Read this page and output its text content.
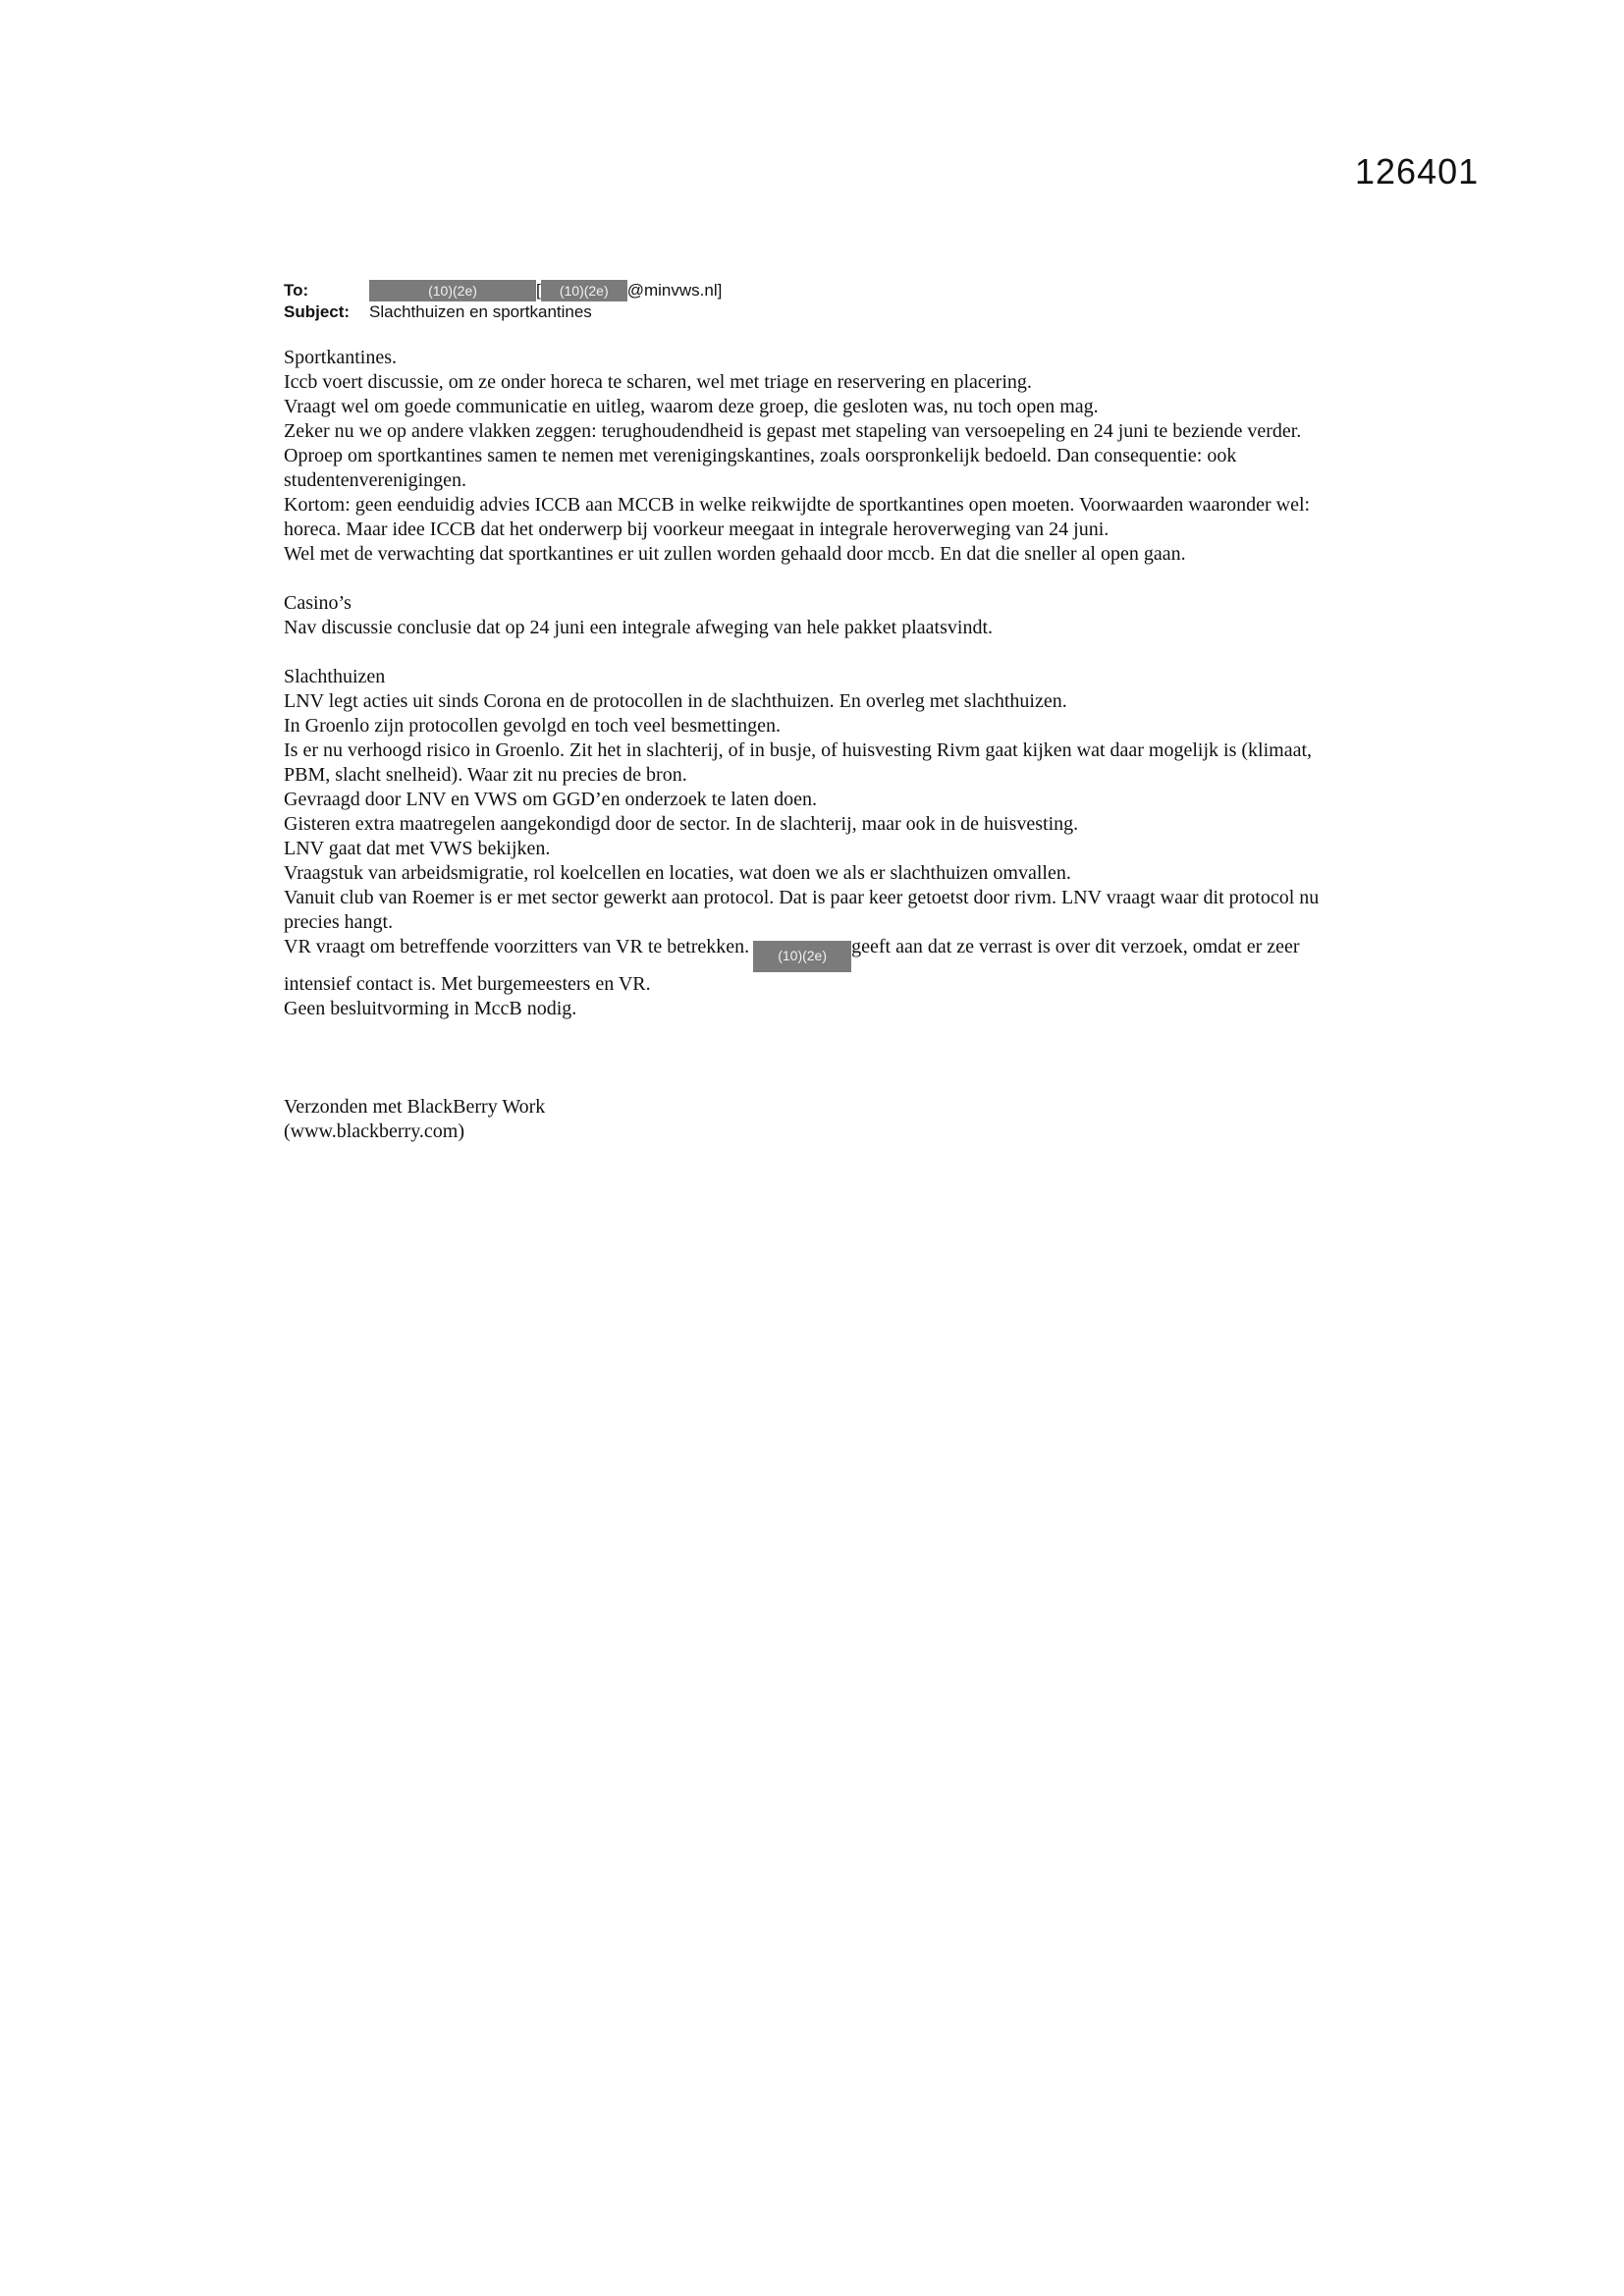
126401
To:	(10)(2e)	[	(10)(2e)	@minvws.nl]
Subject:	Slachthuizen en sportkantines

Sportkantines.

Iccb voert discussie, om ze onder horeca te scharen, wel met triage en reservering en placering.

Vraagt wel om goede communicatie en uitleg, waarom deze groep, die gesloten was, nu toch open mag.

Zeker nu we op andere vlakken zeggen: terughoudendheid is gepast met stapeling van versoepeling en 24 juni te beziende verder.

Oproep om sportkantines samen te nemen met verenigingskantines, zoals oorspronkelijk bedoeld. Dan consequentie: ook studentenverenigingen.

Kortom: geen eenduidig advies ICCB aan MCCB in welke reikwijdte de sportkantines open moeten. Voorwaarden waaronder wel: horeca. Maar idee ICCB dat het onderwerp bij voorkeur meegaat in integrale heroverweging van 24 juni.

Wel met de verwachting dat sportkantines er uit zullen worden gehaald door mccb. En dat die sneller al open gaan.

Casino’s

Nav discussie conclusie dat op 24 juni een integrale afweging van hele pakket plaatsvindt.

Slachthuizen

LNV legt acties uit sinds Corona en de protocollen in de slachthuizen. En overleg met slachthuizen.

In Groenlo zijn protocollen gevolgd en toch veel besmettingen.

Is er nu verhoogd risico in Groenlo. Zit het in slachterij, of in busje, of huisvesting Rivm gaat kijken wat daar mogelijk is (klimaat, PBM, slacht snelheid). Waar zit nu precies de bron.

Gevraagd door LNV en VWS om GGD’en onderzoek te laten doen.

Gisteren extra maatregelen aangekondigd door de sector. In de slachterij, maar ook in de huisvesting.

LNV gaat dat met VWS bekijken.

Vraagstuk van arbeidsmigratie, rol koelcellen en locaties, wat doen we als er slachthuizen omvallen.

Vanuit club van Roemer is er met sector gewerkt aan protocol. Dat is paar keer getoetst door rivm. LNV vraagt waar dit protocol nu precies hangt.

VR vraagt om betreffende voorzitters van VR te betrekken. (10)(2e) geeft aan dat ze verrast is over dit verzoek, omdat er zeer intensief contact is. Met burgemeesters en VR.

Geen besluitvorming in MccB nodig.

Verzonden met BlackBerry Work

(www.blackberry.com)
